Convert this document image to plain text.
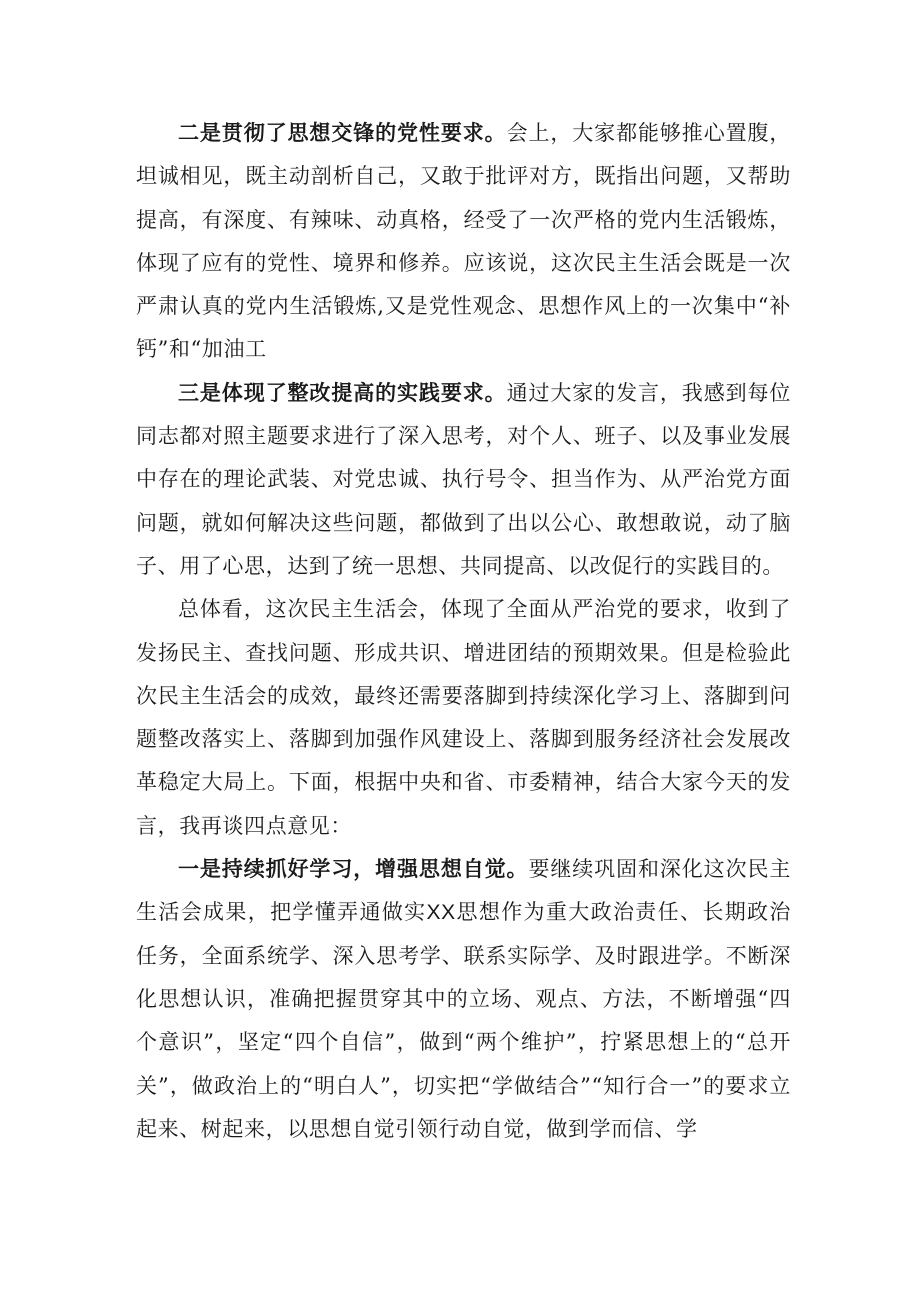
二是贯彻了思想交锋的党性要求。会上，大家都能够推心置腹，坦诚相见，既主动剖析自己，又敢于批评对方，既指出问题，又帮助提高，有深度、有辣味、动真格，经受了一次严格的党内生活锻炼，体现了应有的党性、境界和修养。应该说，这次民主生活会既是一次严肃认真的党内生活锻炼,又是党性观念、思想作风上的一次集中“补钙”和“加油工

三是体现了整改提高的实践要求。通过大家的发言，我感到每位同志都对照主题要求进行了深入思考，对个人、班子、以及事业发展中存在的理论武装、对党忠诚、执行号令、担当作为、从严治党方面问题，就如何解决这些问题，都做到了出以公心、敢想敢说，动了脑子、用了心思，达到了统一思想、共同提高、以改促行的实践目的。

总体看，这次民主生活会，体现了全面从严治党的要求，收到了发扬民主、查找问题、形成共识、增进团结的预期效果。但是检验此次民主生活会的成效，最终还需要落脚到持续深化学习上、落脚到问题整改落实上、落脚到加强作风建设上、落脚到服务经济社会发展改革稳定大局上。下面，根据中央和省、市委精神，结合大家今天的发言，我再谈四点意见：

一是持续抓好学习，增强思想自觉。要继续巩固和深化这次民主生活会成果，把学懂弄通做实XX思想作为重大政治责任、长期政治任务，全面系统学、深入思考学、联系实际学、及时跟进学。不断深化思想认识，准确把握贯穿其中的立场、观点、方法，不断增强“四个意识”，坚定“四个自信”，做到“两个维护”，拧紧思想上的“总开关”，做政治上的“明白人”，切实把“学做结合”“知行合一”的要求立起来、树起来，以思想自觉引领行动自觉，做到学而信、学
